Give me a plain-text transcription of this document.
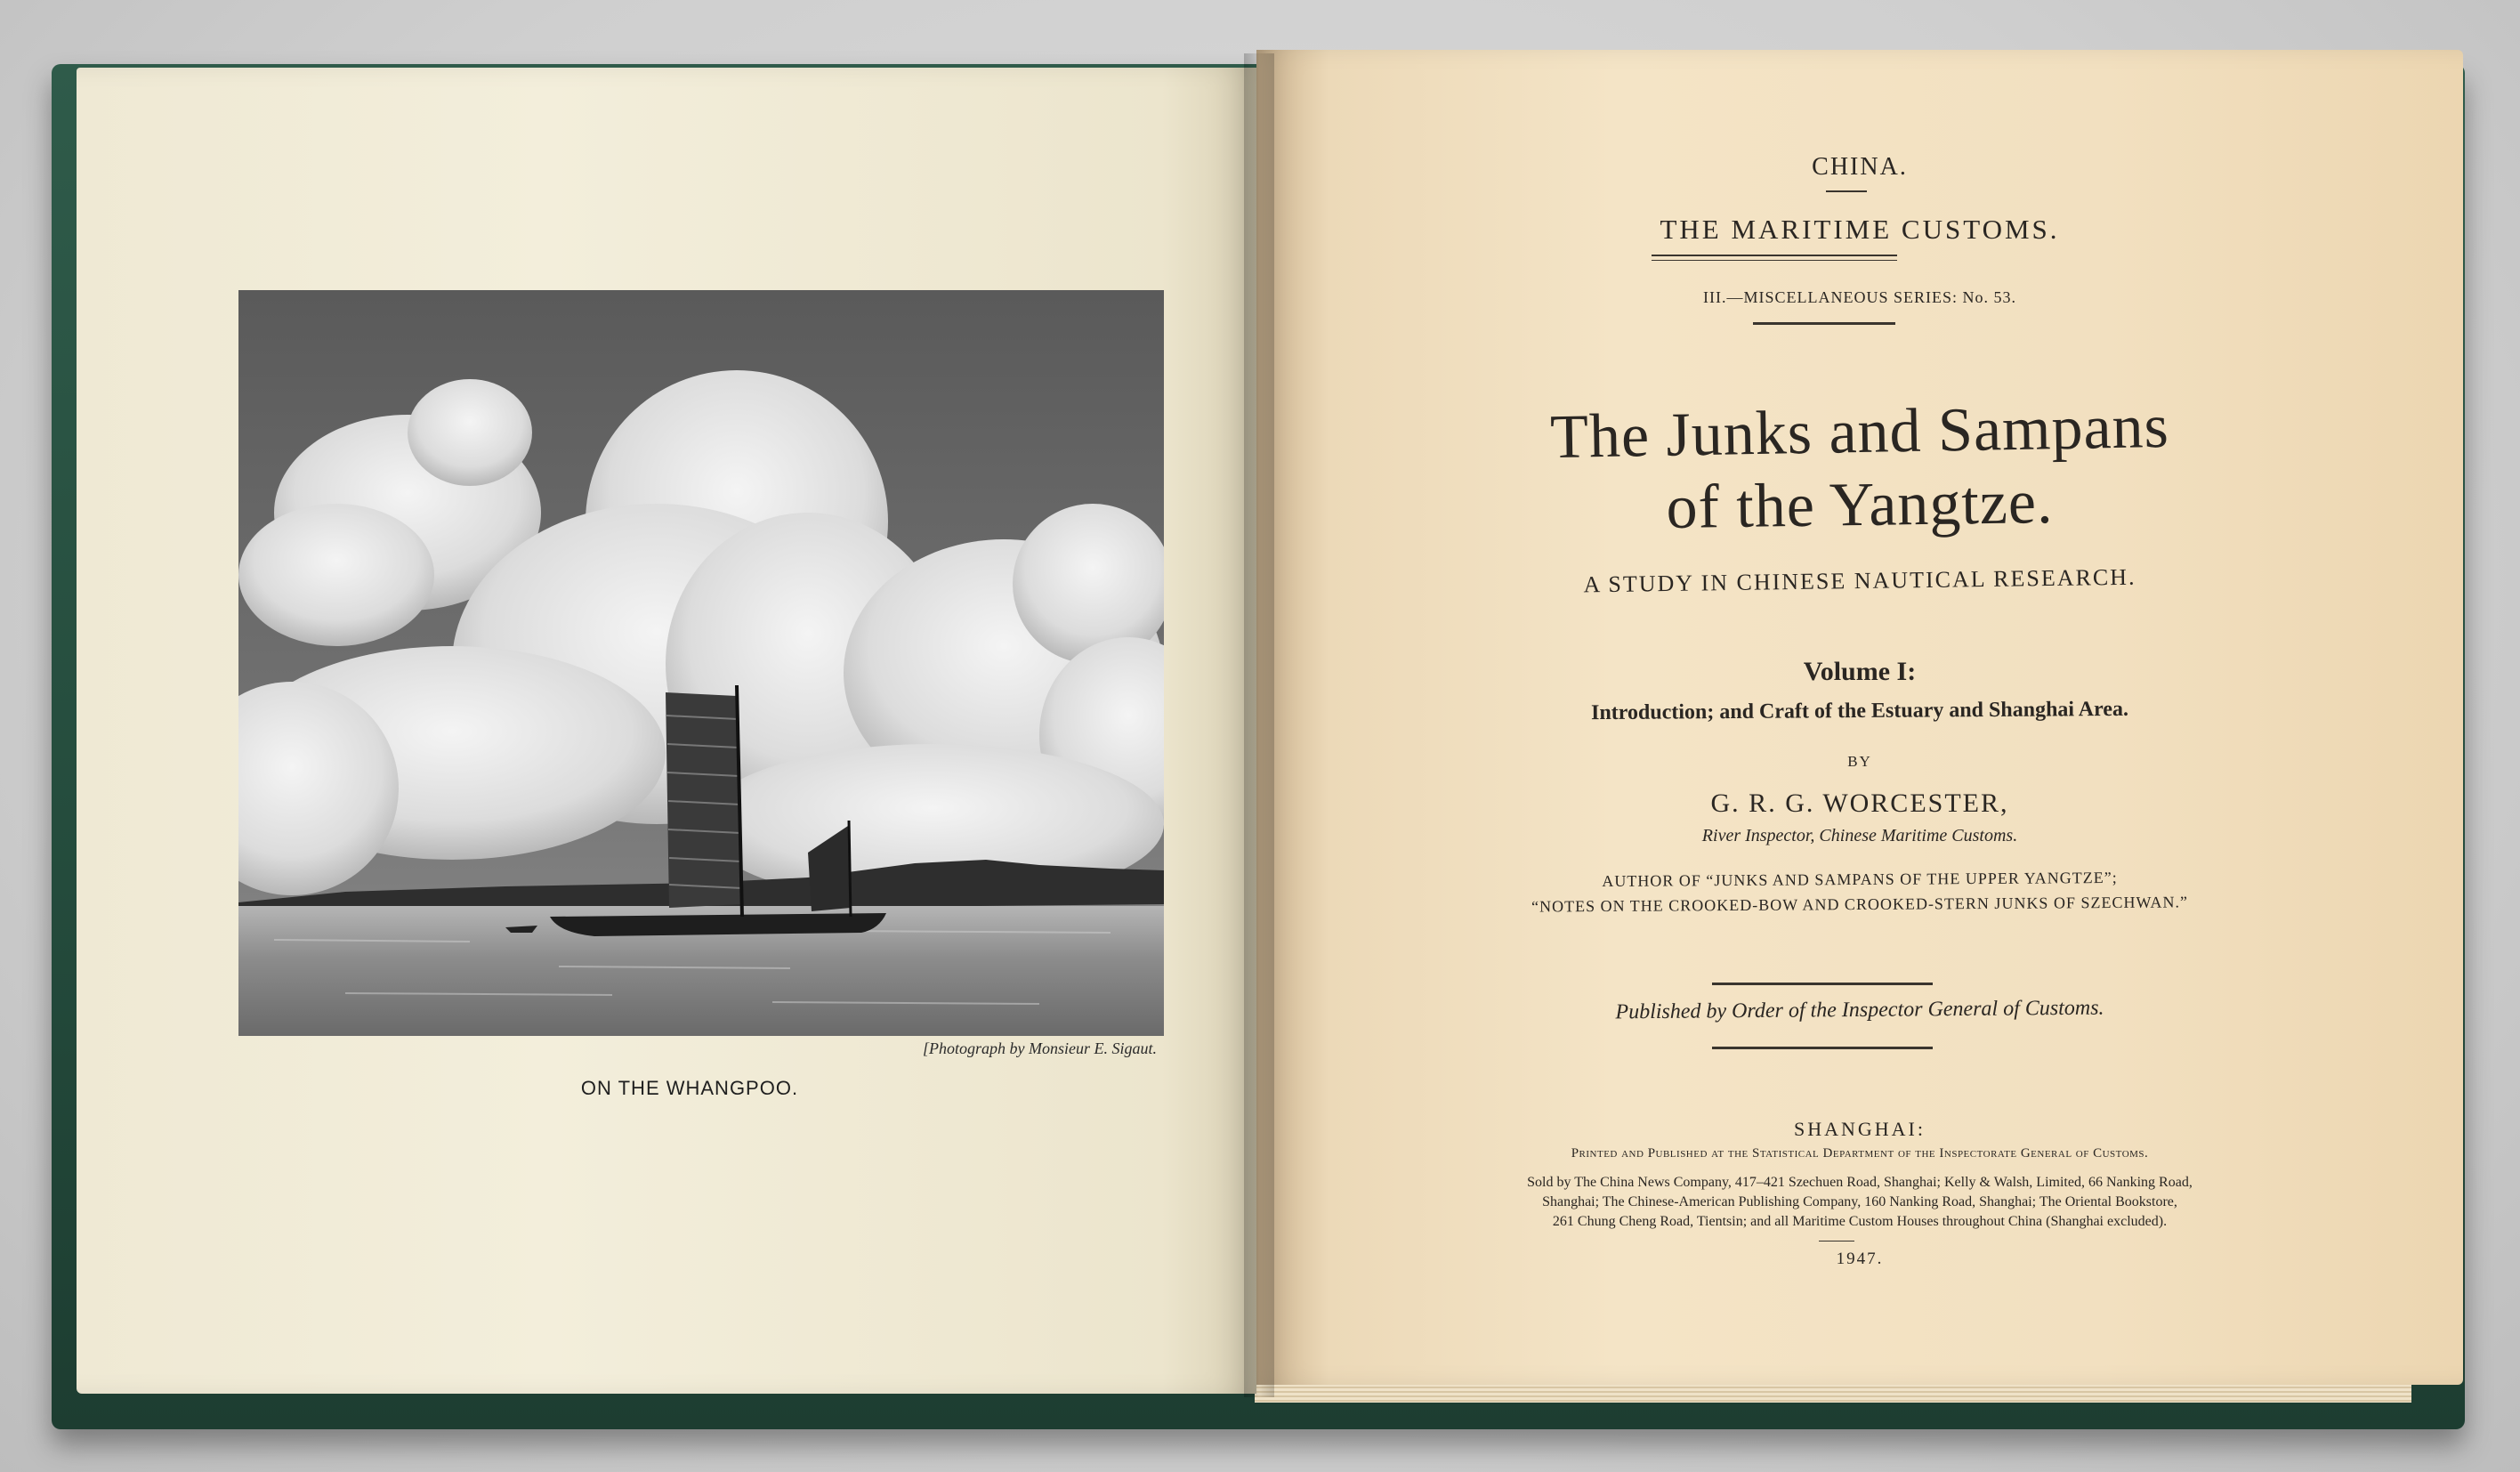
[Photograph by Monsieur E. Sigaut.
ON THE WHANGPOO.
CHINA.
THE MARITIME CUSTOMS.
III.—MISCELLANEOUS SERIES: No. 53.
The Junks and Sampans
of the Yangtze.
A STUDY IN CHINESE NAUTICAL RESEARCH.
Volume I:
Introduction; and Craft of the Estuary and Shanghai Area.
BY
G. R. G. WORCESTER,
River Inspector, Chinese Maritime Customs.
AUTHOR OF “JUNKS AND SAMPANS OF THE UPPER YANGTZE”;
“NOTES ON THE CROOKED-BOW AND CROOKED-STERN JUNKS OF SZECHWAN.”
Published by Order of the Inspector General of Customs.
SHANGHAI:
Printed and Published at the Statistical Department of the Inspectorate General of Customs.
Sold by The China News Company, 417–421 Szechuen Road, Shanghai; Kelly & Walsh, Limited, 66 Nanking Road,
Shanghai; The Chinese-American Publishing Company, 160 Nanking Road, Shanghai; The Oriental Bookstore,
261 Chung Cheng Road, Tientsin; and all Maritime Custom Houses throughout China (Shanghai excluded).
1947.
